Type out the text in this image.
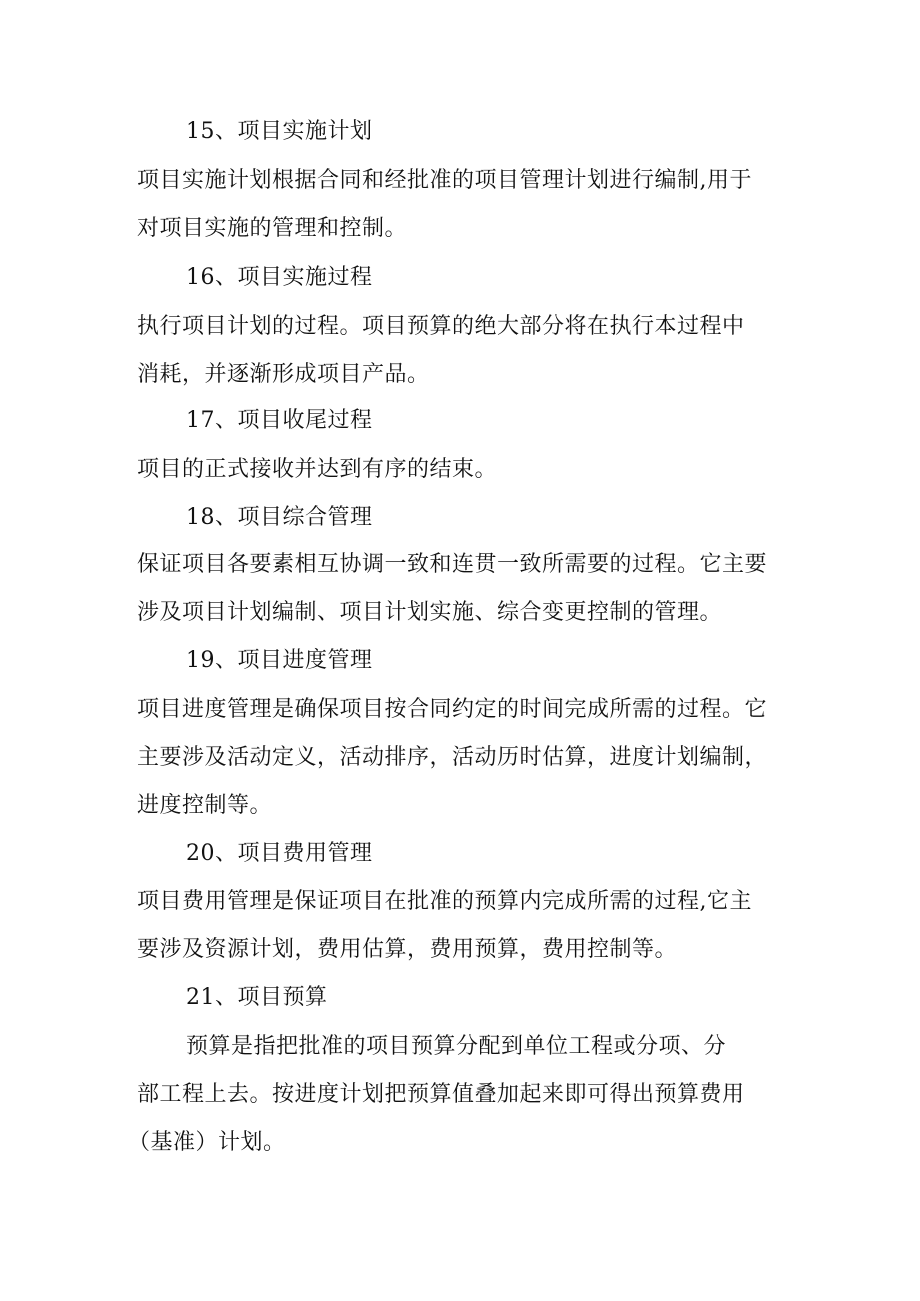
15、项目实施计划
项目实施计划根据合同和经批准的项目管理计划进行编制,用于
对项目实施的管理和控制。
16、项目实施过程
执行项目计划的过程。项目预算的绝大部分将在执行本过程中
消耗，并逐渐形成项目产品。
17、项目收尾过程
项目的正式接收并达到有序的结束。
18、项目综合管理
保证项目各要素相互协调一致和连贯一致所需要的过程。它主要
涉及项目计划编制、项目计划实施、综合变更控制的管理。
19、项目进度管理
项目进度管理是确保项目按合同约定的时间完成所需的过程。它
主要涉及活动定义，活动排序，活动历时估算，进度计划编制，
进度控制等。
20、项目费用管理
项目费用管理是保证项目在批准的预算内完成所需的过程,它主
要涉及资源计划，费用估算，费用预算，费用控制等。
21、项目预算
预算是指把批准的项目预算分配到单位工程或分项、分
部工程上去。按进度计划把预算值叠加起来即可得出预算费用
（基准）计划。
